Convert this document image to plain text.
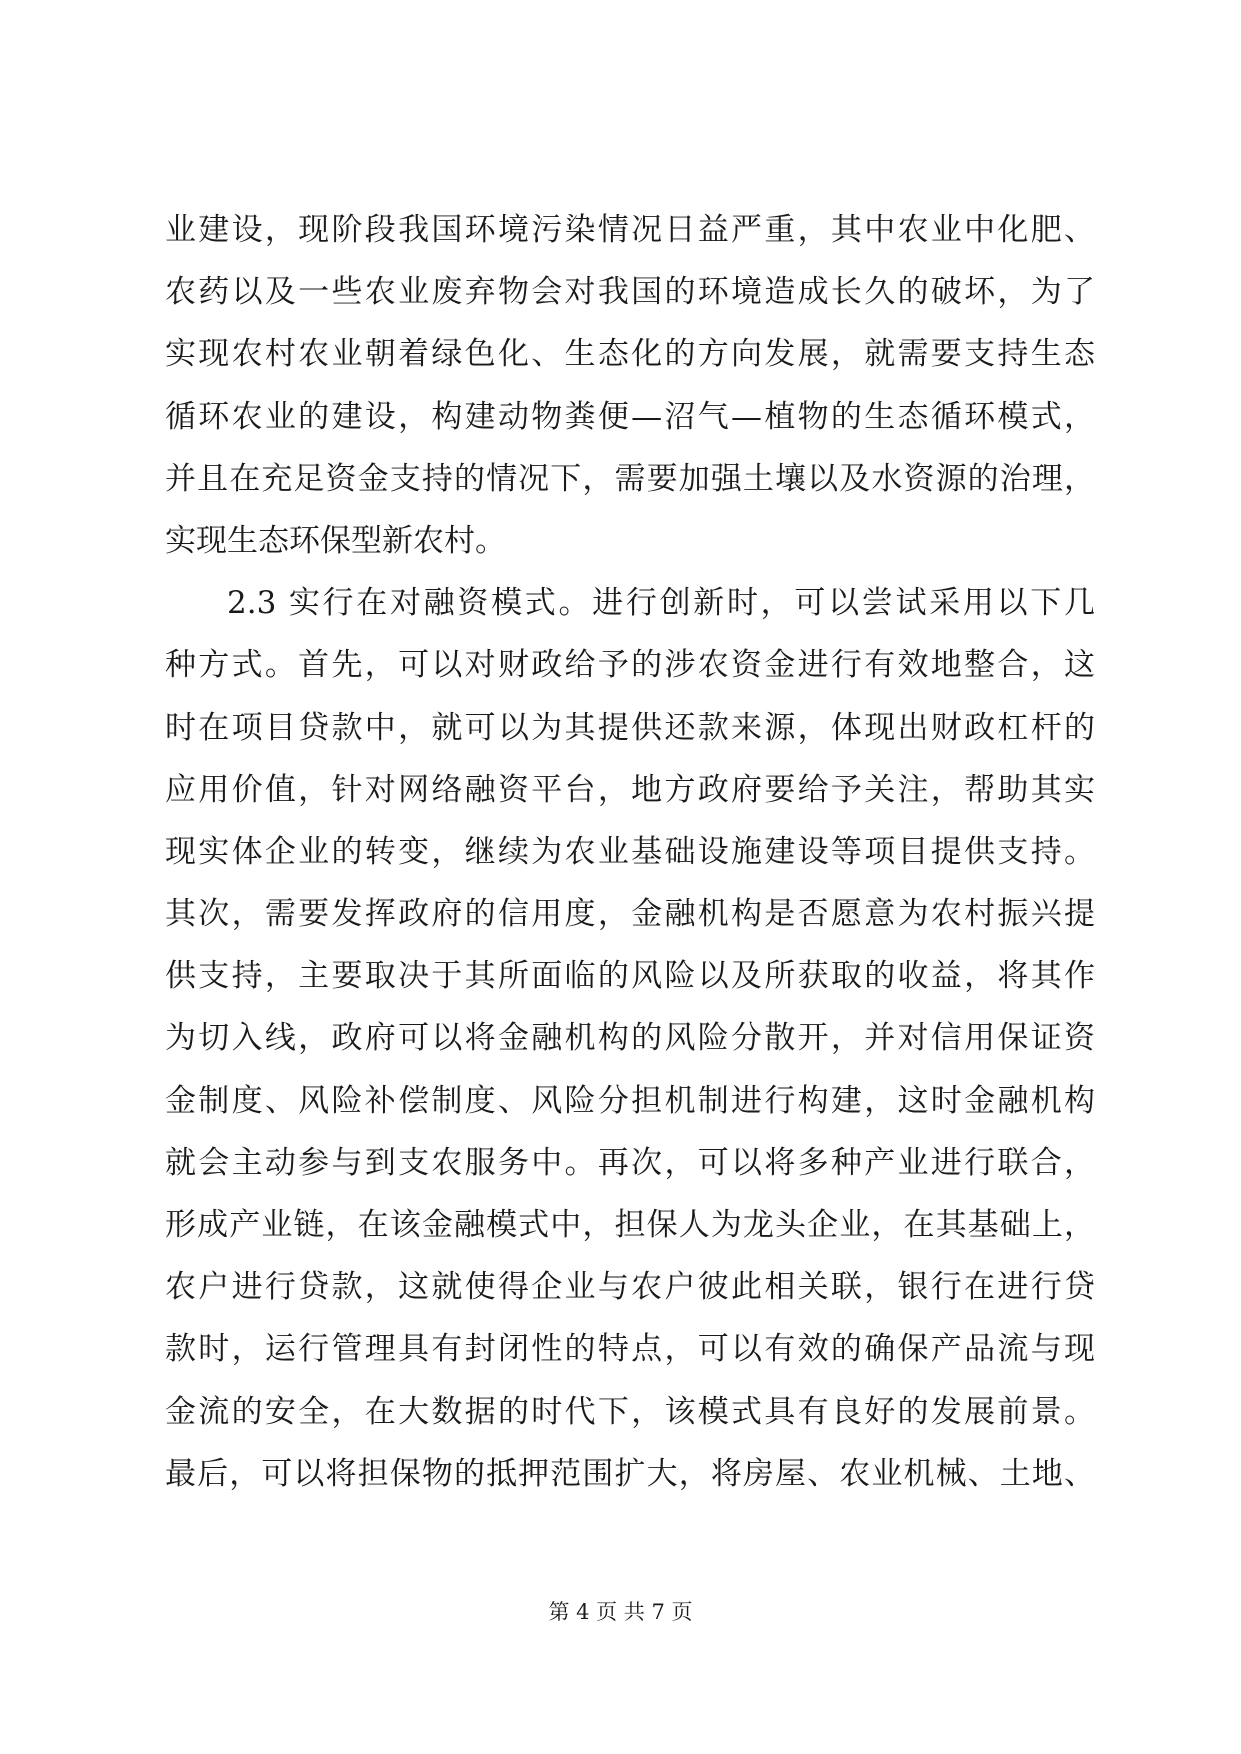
业建设，现阶段我国环境污染情况日益严重，其中农业中化肥、
农药以及一些农业废弃物会对我国的环境造成长久的破坏，为了
实现农村农业朝着绿色化、生态化的方向发展，就需要支持生态
循环农业的建设，构建动物粪便—沼气—植物的生态循环模式，
并且在充足资金支持的情况下，需要加强土壤以及水资源的治理，
实现生态环保型新农村。
2.3 实行在对融资模式。进行创新时，可以尝试采用以下几
种方式。首先，可以对财政给予的涉农资金进行有效地整合，这
时在项目贷款中，就可以为其提供还款来源，体现出财政杠杆的
应用价值，针对网络融资平台，地方政府要给予关注，帮助其实
现实体企业的转变，继续为农业基础设施建设等项目提供支持。
其次，需要发挥政府的信用度，金融机构是否愿意为农村振兴提
供支持，主要取决于其所面临的风险以及所获取的收益，将其作
为切入线，政府可以将金融机构的风险分散开，并对信用保证资
金制度、风险补偿制度、风险分担机制进行构建，这时金融机构
就会主动参与到支农服务中。再次，可以将多种产业进行联合，
形成产业链，在该金融模式中，担保人为龙头企业，在其基础上，
农户进行贷款，这就使得企业与农户彼此相关联，银行在进行贷
款时，运行管理具有封闭性的特点，可以有效的确保产品流与现
金流的安全，在大数据的时代下，该模式具有良好的发展前景。
最后，可以将担保物的抵押范围扩大，将房屋、农业机械、土地、
第 4 页 共 7 页
